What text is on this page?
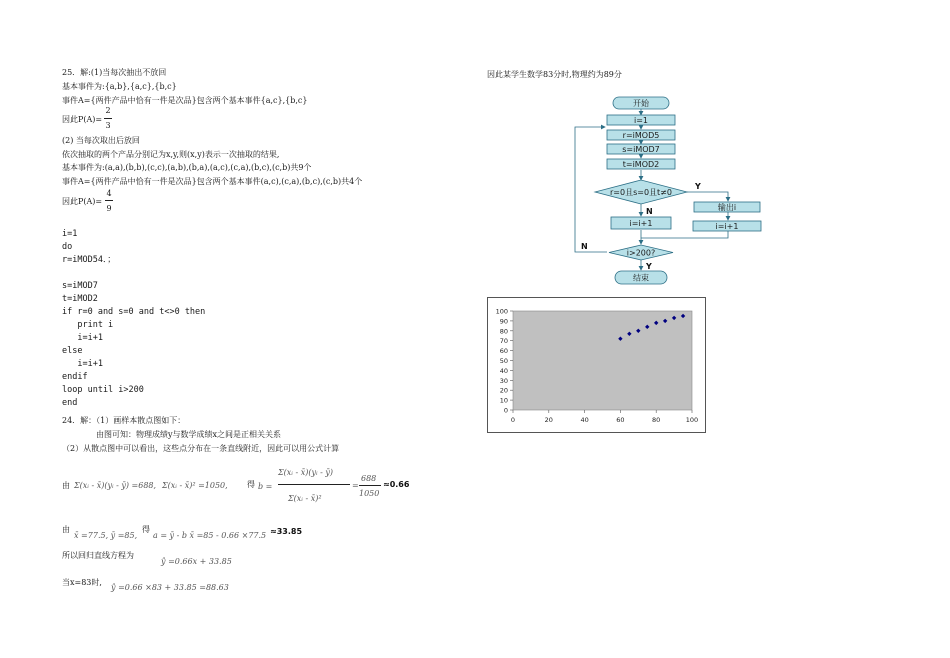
25．解:(1)当每次抽出不放回
基本事件为:{a,b},{a,c},{b,c}
事件A={两件产品中恰有一件是次品}包含两个基本事件{a,c},{b,c}
因此P(A)=
2
3
(2) 当每次取出后放回
依次抽取的两个产品分别记为x,y,则(x,y)表示一次抽取的结果,
基本事件为:(a,a),(b,b),(c,c),(a,b),(b,a),(a,c),(c,a),(b,c),(c,b)共9个
事件A={两件产品中恰有一件是次品}包含两个基本事件(a,c),(c,a),(b,c),(c,b)共4个
因此P(A)=
4
9
i=1
do
r=iMOD54．；
s=iMOD7
t=iMOD2
if r=0 and s=0 and t<>0 then
print i
i=i+1
else
i=i+1
endif
loop until i>200
end
24．解：（1）画样本散点图如下：
由图可知：物理成绩y与数学成绩x之间是正相关关系
（2）从散点图中可以看出，这些点分布在一条直线附近，因此可以用公式计算
由 Σ(xᵢ - x̄)(yᵢ - ȳ) =688, Σ(xᵢ - x̄)² =1050, 得 b =
Σ(xᵢ - x̄)(yᵢ - ȳ)
Σ(xᵢ - x̄)²
=
688
1050
≈0.66
由
x̄ =77.5, ȳ =85,
得
a = ȳ - b x̄ =85 - 0.66 ×77.5 ≈33.85
所以回归直线方程为
ŷ =0.66x + 33.85
当x=83时,
ŷ =0.66 ×83 + 33.85 =88.63
因此某学生数学83分时,物理约为89分
开始
i=1
r=iMOD5
s=iMOD7
t=iMOD2
r=0且s=0且t≠0
i=i+1
输出i
i=i+1
i>200?
结束
Y
N
N
Y
0
10
20
30
40
50
60
70
80
90
100
0	20	40	60	80	100
